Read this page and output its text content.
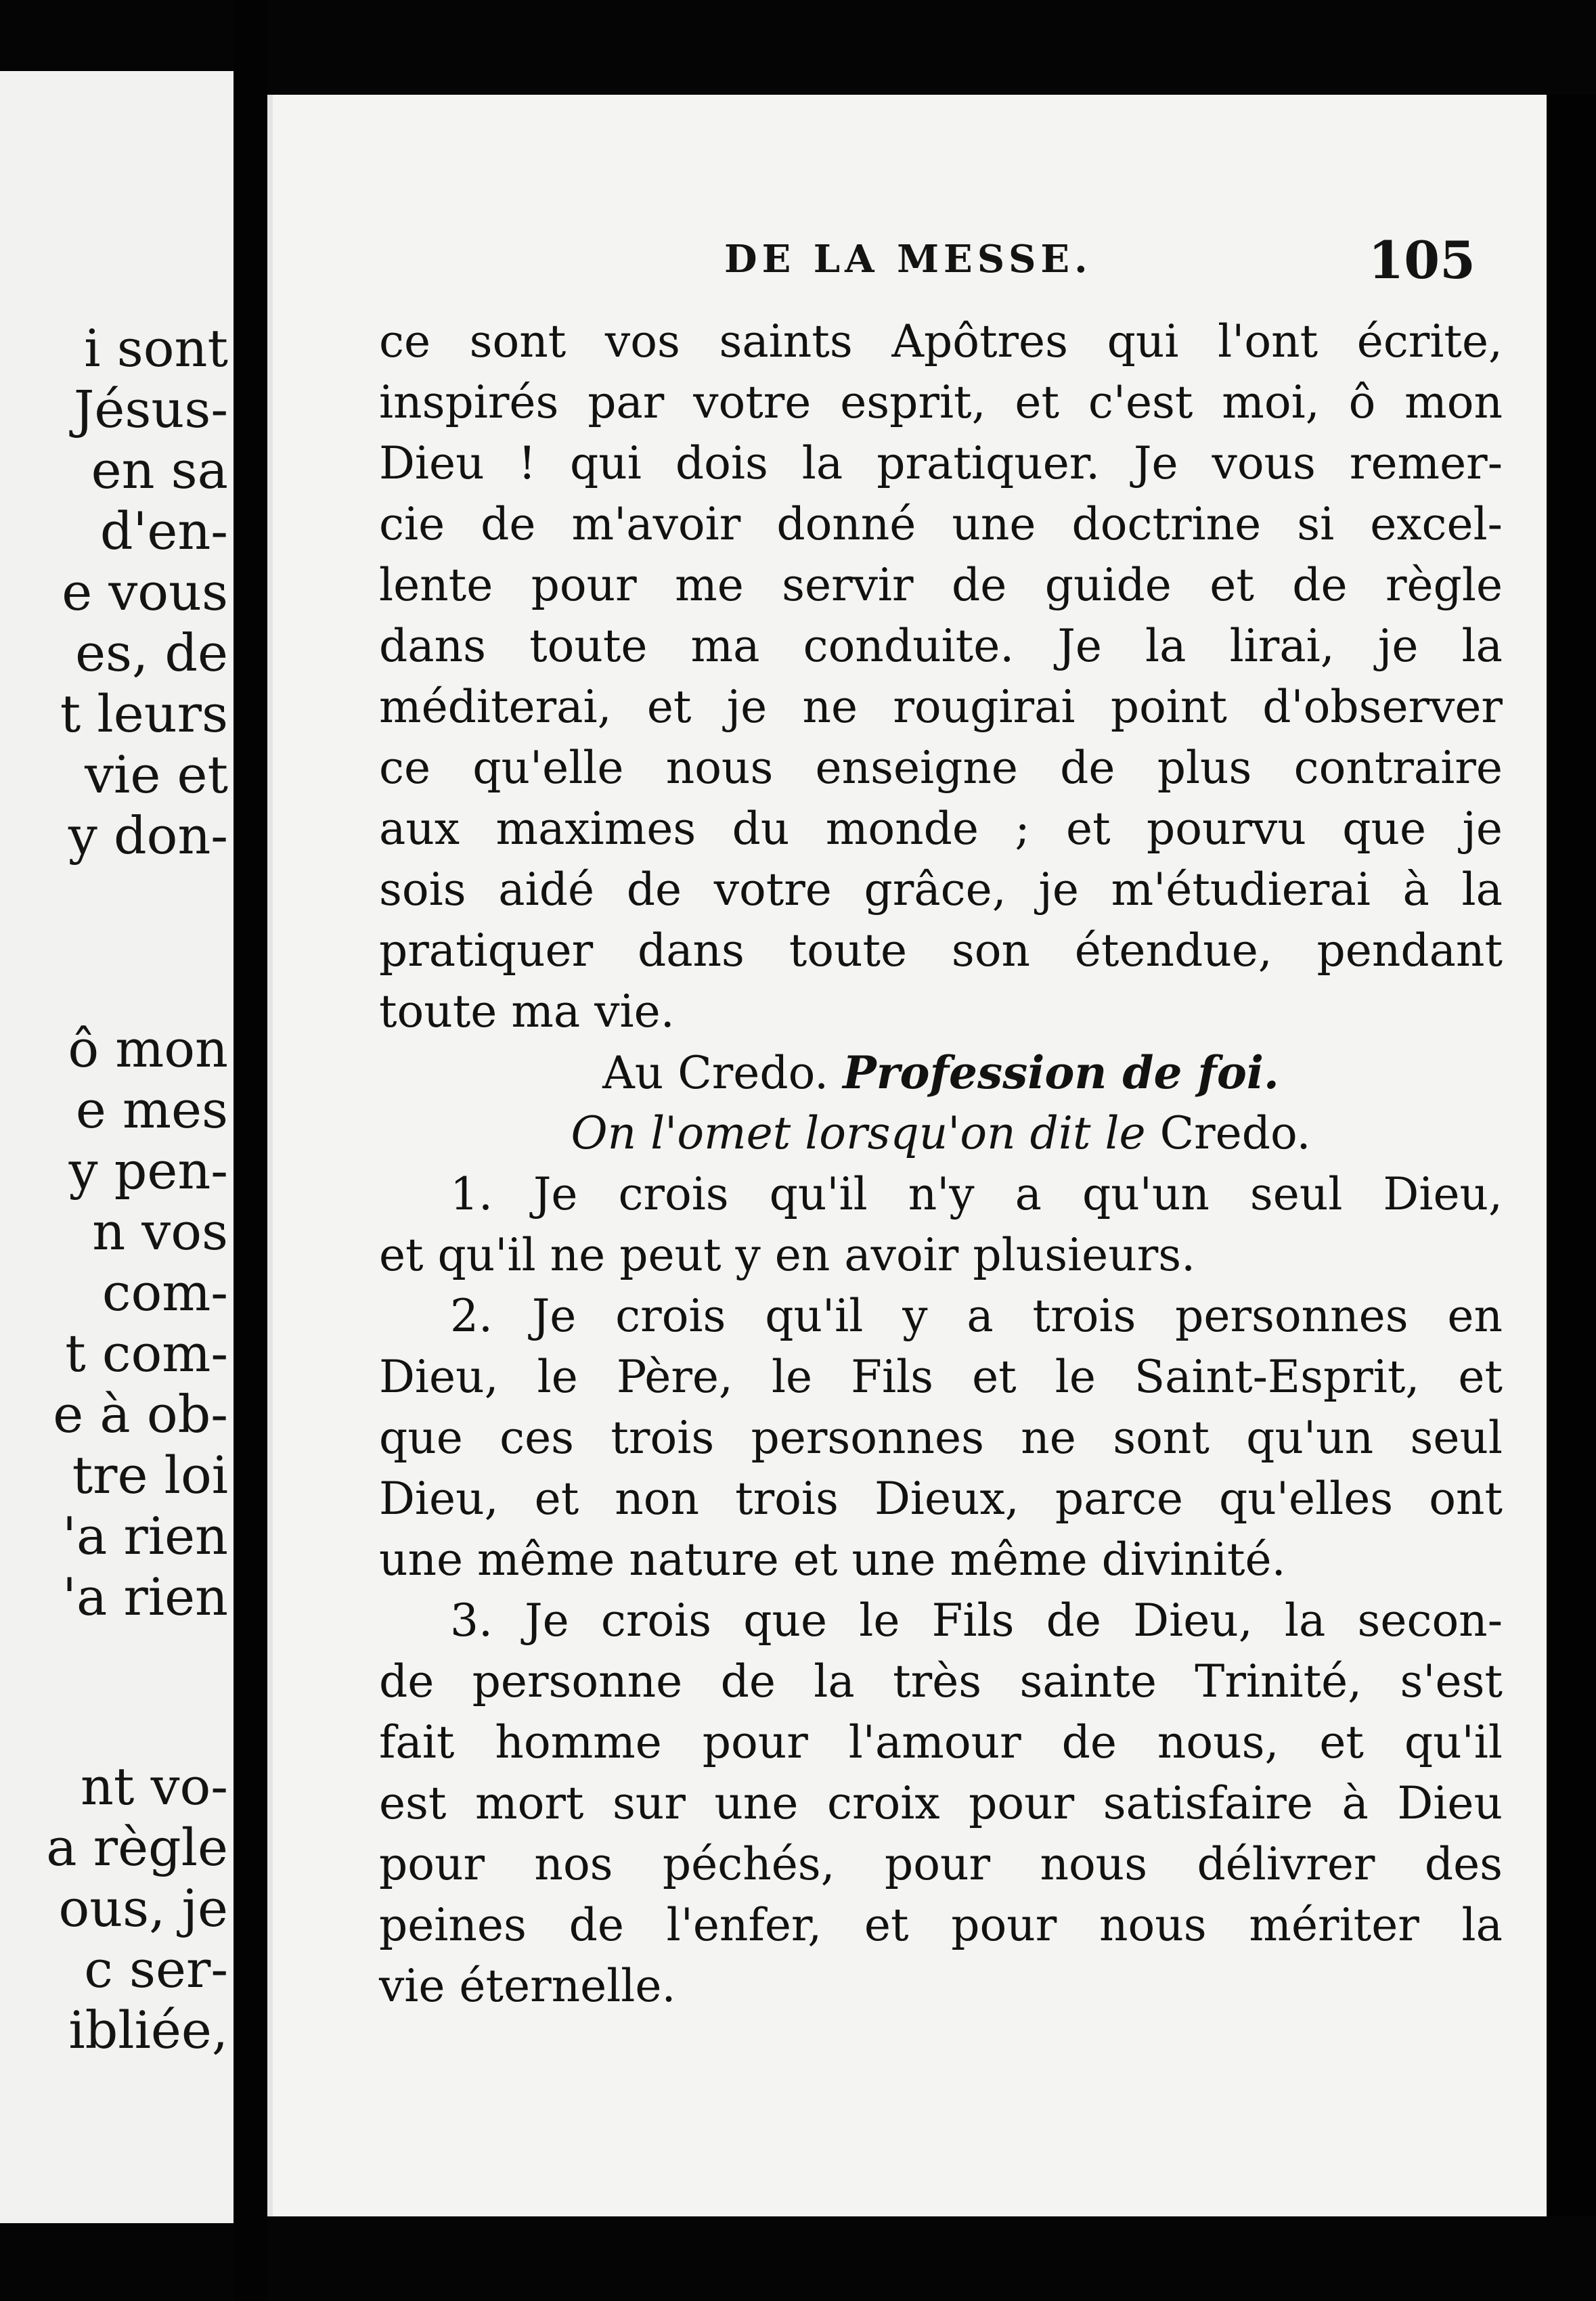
i sont
Jésus-
en sa
d'en-
e vous
es, de
t leurs
vie et
y don-
ô mon
e mes
y pen-
n vos
com-
t com-
e à ob-
tre loi
'a rien
'a rien
nt vo-
a règle
ous, je
c ser-
ibliée,
DE LA MESSE.	105
ce sont vos saints Apôtres qui l'ont écrite,
inspirés par votre esprit, et c'est moi, ô mon
Dieu ! qui dois la pratiquer. Je vous remer-
cie de m'avoir donné une doctrine si excel-
lente pour me servir de guide et de règle
dans toute ma conduite. Je la lirai, je la
méditerai, et je ne rougirai point d'observer
ce qu'elle nous enseigne de plus contraire
aux maximes du monde ; et pourvu que je
sois aidé de votre grâce, je m'étudierai à la
pratiquer dans toute son étendue, pendant
toute ma vie.
Au Credo. Profession de foi.
On l'omet lorsqu'on dit le Credo.
1. Je crois qu'il n'y a qu'un seul Dieu,
et qu'il ne peut y en avoir plusieurs.
2. Je crois qu'il y a trois personnes en
Dieu, le Père, le Fils et le Saint-Esprit, et
que ces trois personnes ne sont qu'un seul
Dieu, et non trois Dieux, parce qu'elles ont
une même nature et une même divinité.
3. Je crois que le Fils de Dieu, la secon-
de personne de la très sainte Trinité, s'est
fait homme pour l'amour de nous, et qu'il
est mort sur une croix pour satisfaire à Dieu
pour nos péchés, pour nous délivrer des
peines de l'enfer, et pour nous mériter la
vie éternelle.
